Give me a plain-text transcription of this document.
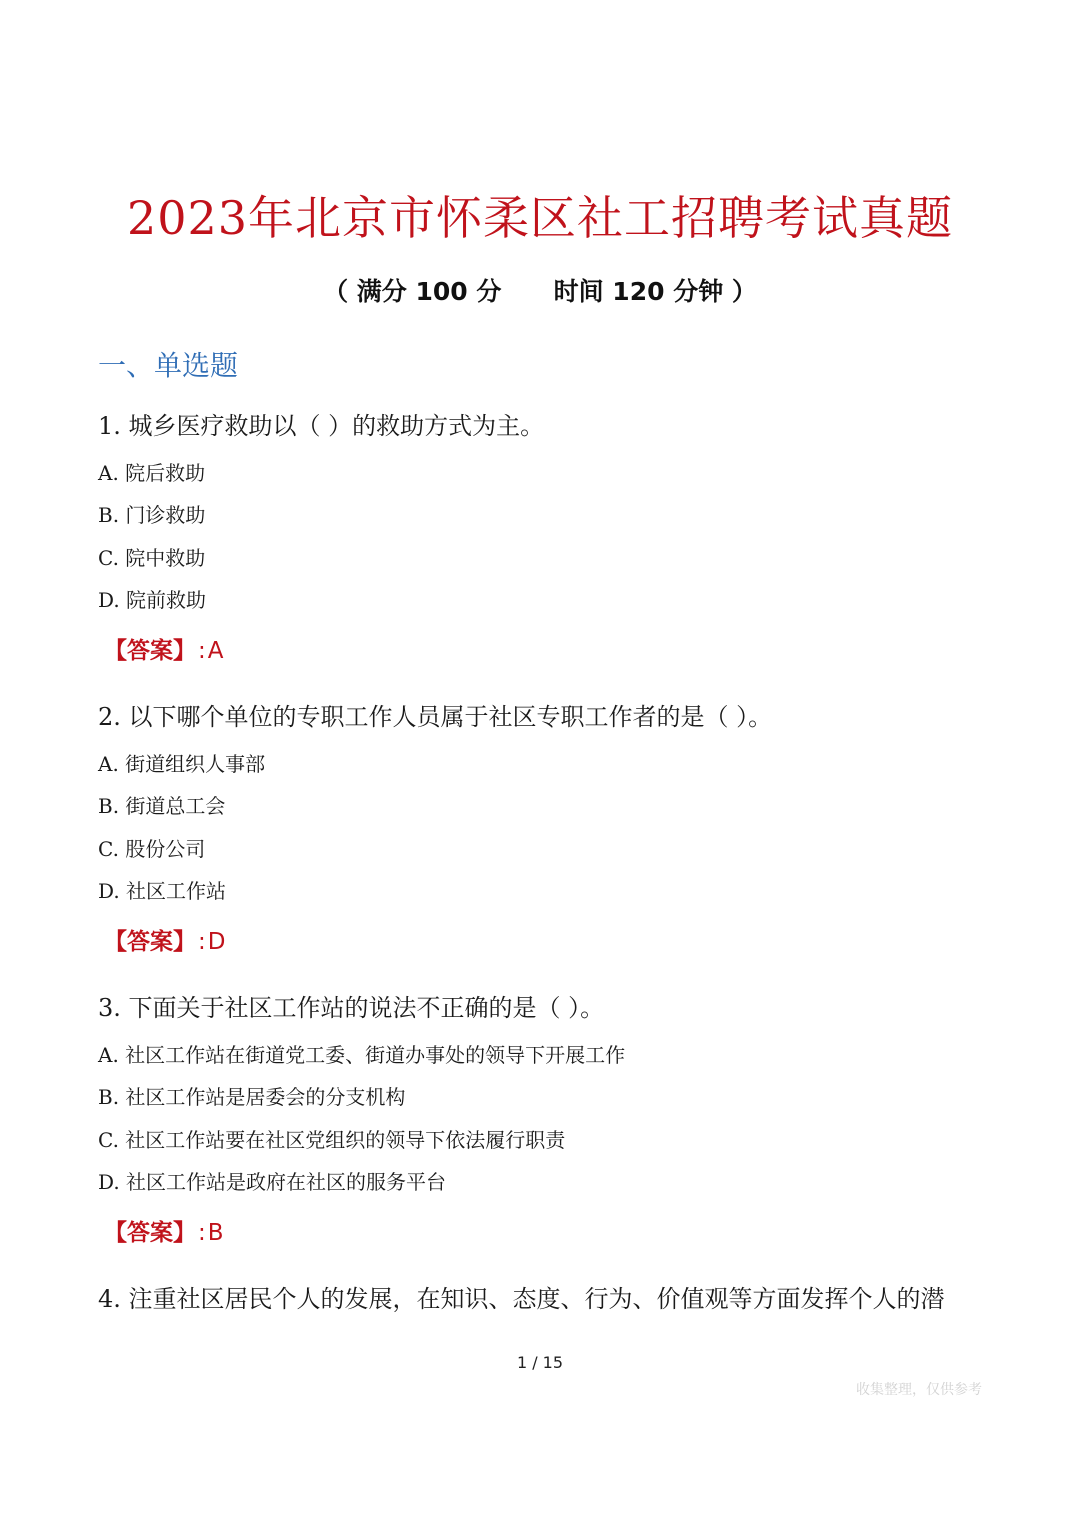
2023年北京市怀柔区社工招聘考试真题
（ 满分 100 分      时间 120 分钟 ）
一、单选题
1. 城乡医疗救助以（ ）的救助方式为主。
A. 院后救助
B. 门诊救助
C. 院中救助
D. 院前救助
【答案】:A
2. 以下哪个单位的专职工作人员属于社区专职工作者的是（ ）。
A. 街道组织人事部
B. 街道总工会
C. 股份公司
D. 社区工作站
【答案】:D
3. 下面关于社区工作站的说法不正确的是（ ）。
A. 社区工作站在街道党工委、街道办事处的领导下开展工作
B. 社区工作站是居委会的分支机构
C. 社区工作站要在社区党组织的领导下依法履行职责
D. 社区工作站是政府在社区的服务平台
【答案】:B
4. 注重社区居民个人的发展，在知识、态度、行为、价值观等方面发挥个人的潜
1 / 15
收集整理，仅供参考
